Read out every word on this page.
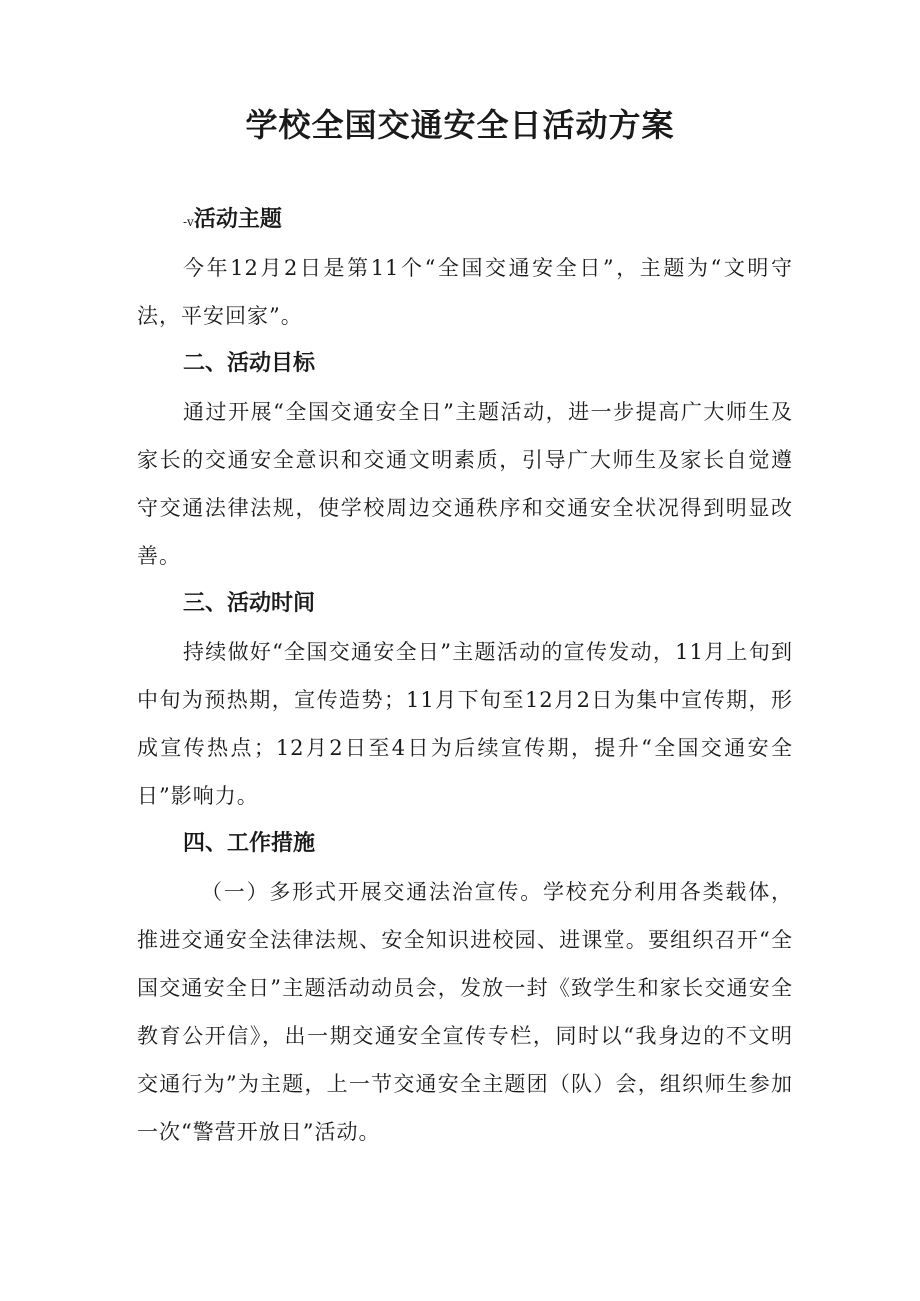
学校全国交通安全日活动方案
-v活动主题

今年12月2日是第11个“全国交通安全日”，主题为“文明守法，平安回家”。

二、活动目标

通过开展“全国交通安全日”主题活动，进一步提高广大师生及家长的交通安全意识和交通文明素质，引导广大师生及家长自觉遵守交通法律法规，使学校周边交通秩序和交通安全状况得到明显改善。

三、活动时间

持续做好“全国交通安全日”主题活动的宣传发动，11月上旬到中旬为预热期，宣传造势；11月下旬至12月2日为集中宣传期，形成宣传热点；12月2日至4日为后续宣传期，提升“全国交通安全日”影响力。

四、工作措施

（一）多形式开展交通法治宣传。学校充分利用各类载体，推进交通安全法律法规、安全知识进校园、进课堂。要组织召开“全国交通安全日”主题活动动员会，发放一封《致学生和家长交通安全教育公开信》，出一期交通安全宣传专栏，同时以“我身边的不文明交通行为”为主题，上一节交通安全主题团（队）会，组织师生参加一次“警营开放日”活动。
